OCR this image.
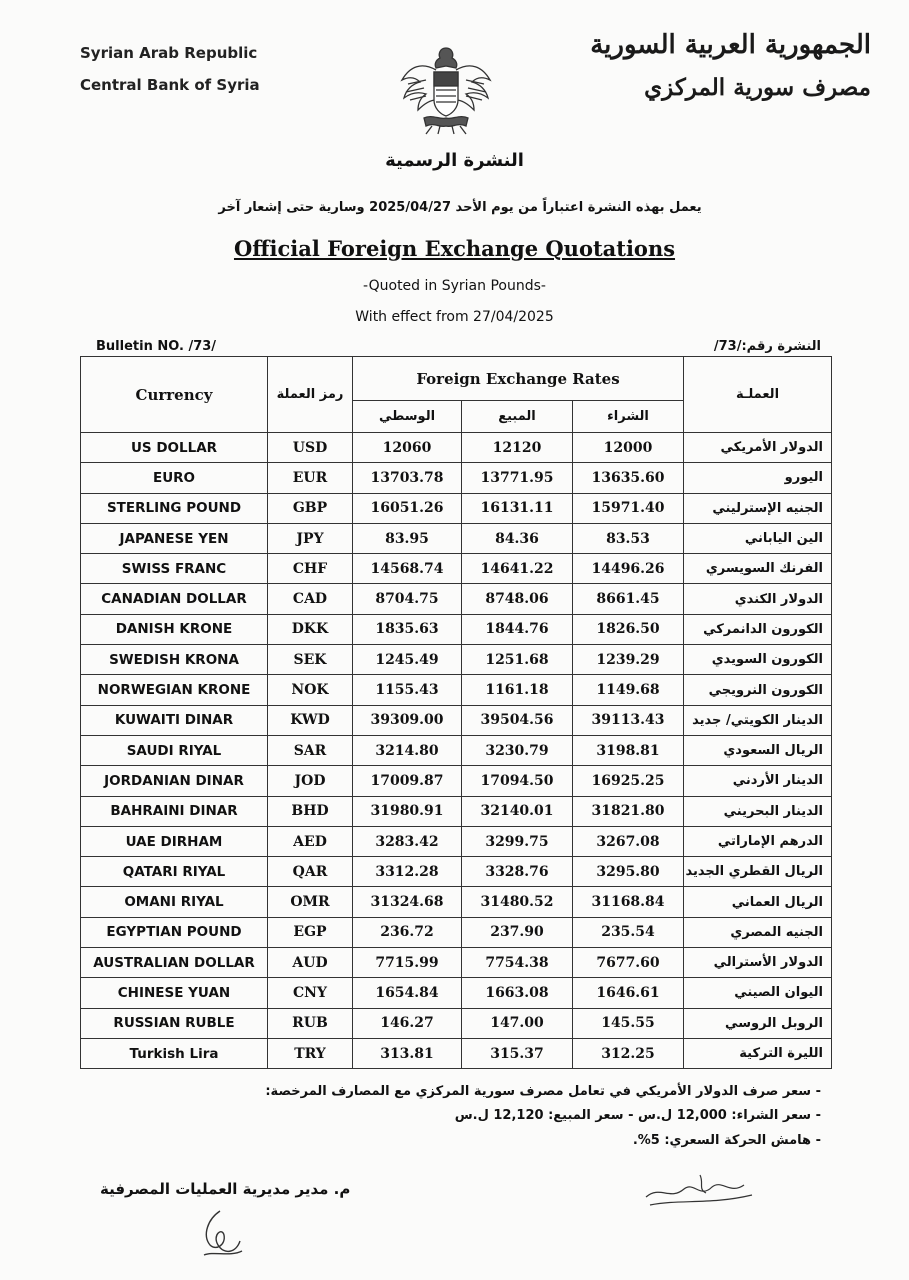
Syrian Arab Republic
Central Bank of Syria
الجمهورية العربية السورية
مصرف سورية المركزي
النشرة الرسمية
يعمل بهذه النشرة اعتباراً من يوم الأحد 2025/04/27 وسارية حتى إشعار آخر
Official Foreign Exchange Quotations
-Quoted in Syrian Pounds-
With effect from 27/04/2025
Bulletin NO. /73/	النشرة رقم:/73/
Currency	رمز العملة	Foreign Exchange Rates			العملـة
		الوسطي	المبيع	الشراء	
US DOLLAR	USD	12060	12120	12000	الدولار الأمريكي
EURO	EUR	13703.78	13771.95	13635.60	اليورو
STERLING POUND	GBP	16051.26	16131.11	15971.40	الجنيه الإسترليني
JAPANESE YEN	JPY	83.95	84.36	83.53	الين الياباني
SWISS FRANC	CHF	14568.74	14641.22	14496.26	الفرنك السويسري
CANADIAN DOLLAR	CAD	8704.75	8748.06	8661.45	الدولار الكندي
DANISH KRONE	DKK	1835.63	1844.76	1826.50	الكورون الدانمركي
SWEDISH KRONA	SEK	1245.49	1251.68	1239.29	الكورون السويدي
NORWEGIAN KRONE	NOK	1155.43	1161.18	1149.68	الكورون النرويجي
KUWAITI DINAR	KWD	39309.00	39504.56	39113.43	الدينار الكويتي/ جديد
SAUDI RIYAL	SAR	3214.80	3230.79	3198.81	الريال السعودي
JORDANIAN DINAR	JOD	17009.87	17094.50	16925.25	الدينار الأردني
BAHRAINI DINAR	BHD	31980.91	32140.01	31821.80	الدينار البحريني
UAE DIRHAM	AED	3283.42	3299.75	3267.08	الدرهم الإماراتي
QATARI RIYAL	QAR	3312.28	3328.76	3295.80	الريال القطري الجديد
OMANI RIYAL	OMR	31324.68	31480.52	31168.84	الريال العماني
EGYPTIAN POUND	EGP	236.72	237.90	235.54	الجنيه المصري
AUSTRALIAN DOLLAR	AUD	7715.99	7754.38	7677.60	الدولار الأسترالي
CHINESE YUAN	CNY	1654.84	1663.08	1646.61	اليوان الصيني
RUSSIAN RUBLE	RUB	146.27	147.00	145.55	الروبل الروسي
Turkish Lira	TRY	313.81	315.37	312.25	الليرة التركية
- سعر صرف الدولار الأمريكي في تعامل مصرف سورية المركزي مع المصارف المرخصة:
- سعر الشراء: 12,000 ل.س - سعر المبيع: 12,120 ل.س
- هامش الحركة السعري: 5%.
م. مدير مديرية العمليات المصرفية
